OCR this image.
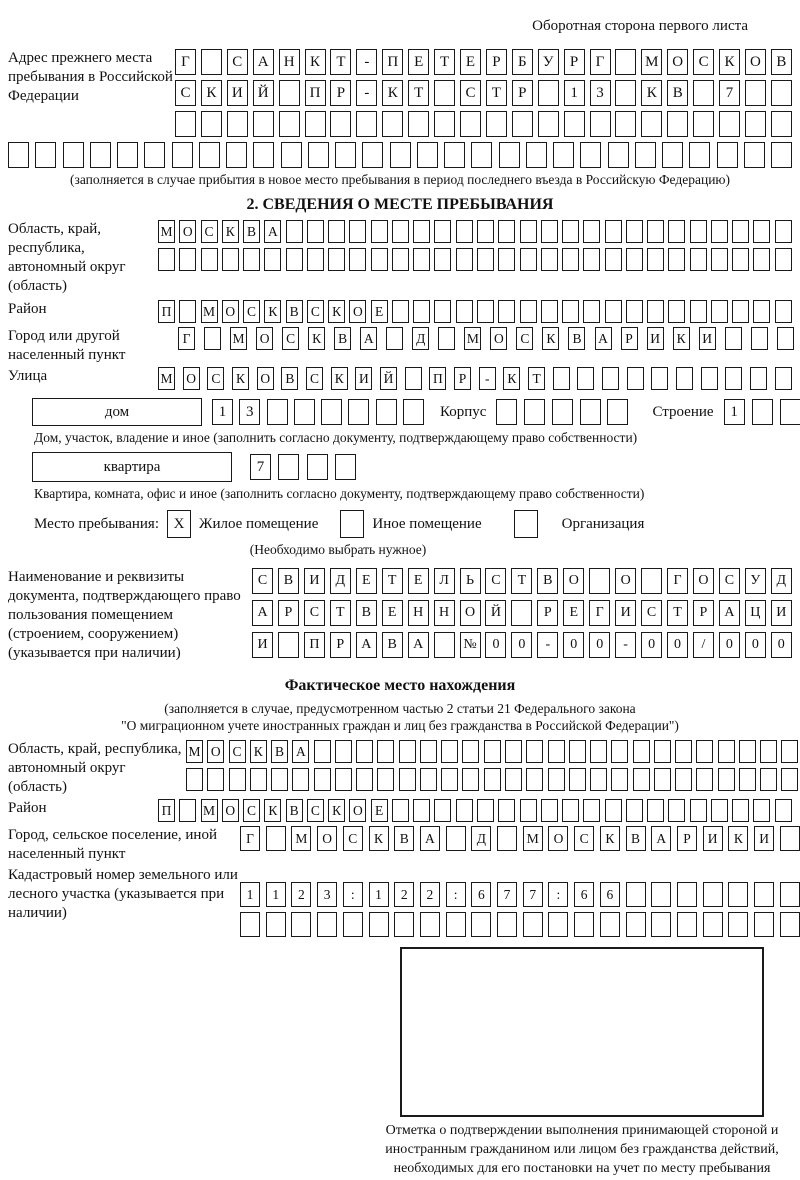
Оборотная сторона первого листа
Адрес прежнего места пребывания в Российской Федерации
Г	С	А	Н	К	Т	-	П	Е	Т	Е	Р	Б	У	Р	Г	М О	С	К	О	В
С	К	И	Й	П	Р	-	К	Т	С	Т	Р	1	3	К	В	7
(заполняется в случае прибытия в новое место пребывания в период последнего въезда в Российскую Федерацию)
2. СВЕДЕНИЯ О МЕСТЕ ПРЕБЫВАНИЯ
Область, край, республика, автономный округ (область)
М О С К В А
Район	П М О С К В С К О Е
Город или другой населенный пункт
Г	М О С К В А	Д	М О С К В А	Р	И К И
Улица	М О С К О В С К И Й	П	Р	-	К	Т
дом	1	3	Корпус	Строение	1
Дом, участок, владение и иное (заполнить согласно документу, подтверждающему право собственности)
квартира	7
Квартира, комната, офис и иное (заполнить согласно документу, подтверждающему право собственности)
Место пребывания: X Жилое помещение	Иное помещение	Организация
(Необходимо выбрать нужное)
Наименование и реквизиты документа, подтверждающего право пользования помещением (строением, сооружением) (указывается при наличии)
С	В	И	Д	Е	Т	Е	Л	Ь	С	Т	В	О	О	Г	О	С	У	Д
А	Р	С	Т	В	Е	Н	Н	О	Й	Р	Е	Г	И	С	Т	Р	А	Ц	И
И	П	Р	А	В	А	№	0	0	-	0	0	-	0	0	/	0	0	0
Фактическое место нахождения
(заполняется в случае, предусмотренном частью 2 статьи 21 Федерального закона
"О миграционном учете иностранных граждан и лиц без гражданства в Российской Федерации")
Область, край, республика, автономный округ (область)
М О С К В А
Район	П М О С К В С К О Е
Город, сельское поселение, иной населенный пункт
Г	М	О	С	К	В	А	Д	М	О	С	К	В	А	Р	И	К	И
Кадастровый номер земельного или лесного участка (указывается при наличии)
1	1	2	3	:	1	2	2	:	6	7	7	:	6	6
Отметка о подтверждении выполнения принимающей стороной и иностранным гражданином или лицом без гражданства действий, необходимых для его постановки на учет по месту пребывания
